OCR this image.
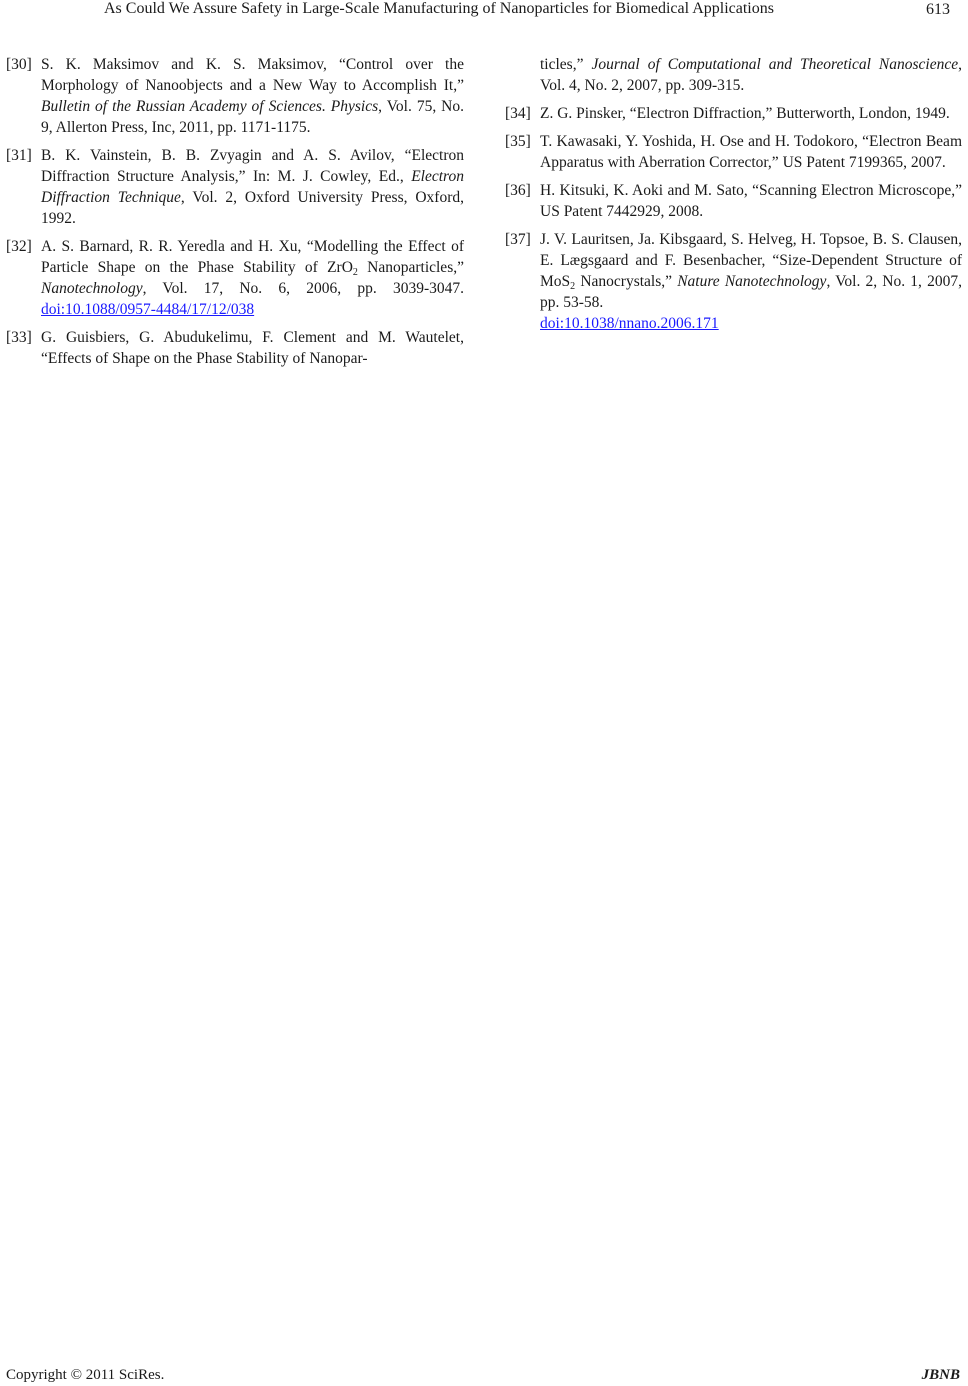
As Could We Assure Safety in Large-Scale Manufacturing of Nanoparticles for Biomedical Applications	613

[30] S. K. Maksimov and K. S. Maksimov, “Control over the Morphology of Nanoobjects and a New Way to Accomplish It,” Bulletin of the Russian Academy of Sciences. Physics, Vol. 75, No. 9, Allerton Press, Inc, 2011, pp. 1171-1175.

[31] B. K. Vainstein, B. B. Zvyagin and A. S. Avilov, “Electron Diffraction Structure Analysis,” In: M. J. Cowley, Ed., Electron Diffraction Technique, Vol. 2, Oxford University Press, Oxford, 1992.

[32] A. S. Barnard, R. R. Yeredla and H. Xu, “Modelling the Effect of Particle Shape on the Phase Stability of ZrO$_2$ Nanoparticles,” Nanotechnology, Vol. 17, No. 6, 2006, pp. 3039-3047. doi:10.1088/0957-4484/17/12/038

[33] G. Guisbiers, G. Abudukelimu, F. Clement and M. Wautelet, “Effects of Shape on the Phase Stability of Nanopar-

ticles,” Journal of Computational and Theoretical Nanoscience, Vol. 4, No. 2, 2007, pp. 309-315.

[34] Z. G. Pinsker, “Electron Diffraction,” Butterworth, London, 1949.

[35] T. Kawasaki, Y. Yoshida, H. Ose and H. Todokoro, “Electron Beam Apparatus with Aberration Corrector,” US Patent 7199365, 2007.

[36] H. Kitsuki, K. Aoki and M. Sato, “Scanning Electron Microscope,” US Patent 7442929, 2008.

[37] J. V. Lauritsen, Ja. Kibsgaard, S. Helveg, H. Topsoe, B. S. Clausen, E. Lægsgaard and F. Besenbacher, “Size-Dependent Structure of MoS$_2$ Nanocrystals,” Nature Nanotechnology, Vol. 2, No. 1, 2007, pp. 53-58.
doi:10.1038/nnano.2006.171

Copyright © 2011 SciRes.	JBNB
